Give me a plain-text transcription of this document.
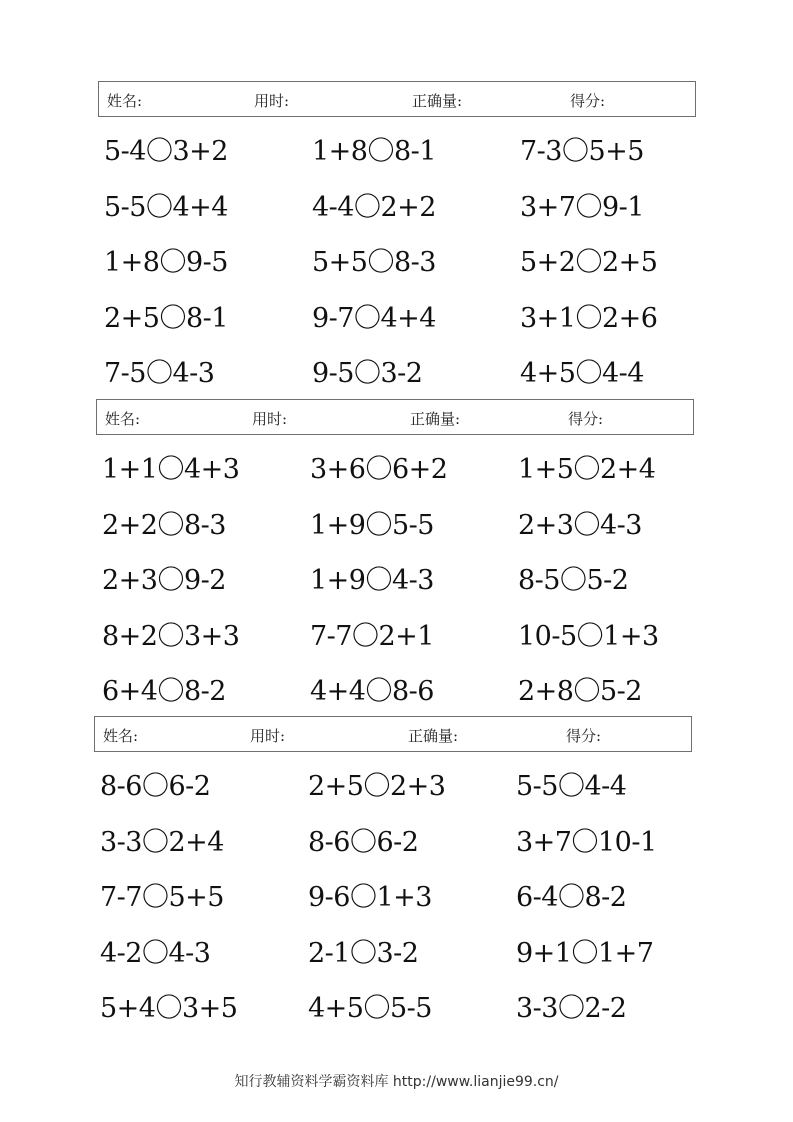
姓名:	用时:	正确量:	得分:
5-4〇3+2	1+8〇8-1	7-3〇5+5
5-5〇4+4	4-4〇2+2	3+7〇9-1
1+8〇9-5	5+5〇8-3	5+2〇2+5
2+5〇8-1	9-7〇4+4	3+1〇2+6
7-5〇4-3	9-5〇3-2	4+5〇4-4
姓名:	用时:	正确量:	得分:
1+1〇4+3	3+6〇6+2	1+5〇2+4
2+2〇8-3	1+9〇5-5	2+3〇4-3
2+3〇9-2	1+9〇4-3	8-5〇5-2
8+2〇3+3	7-7〇2+1	10-5〇1+3
6+4〇8-2	4+4〇8-6	2+8〇5-2
姓名:	用时:	正确量:	得分:
8-6〇6-2	2+5〇2+3	5-5〇4-4
3-3〇2+4	8-6〇6-2	3+7〇10-1
7-7〇5+5	9-6〇1+3	6-4〇8-2
4-2〇4-3	2-1〇3-2	9+1〇1+7
5+4〇3+5	4+5〇5-5	3-3〇2-2
知行教辅资料学霸资料库 http://www.lianjie99.cn/
